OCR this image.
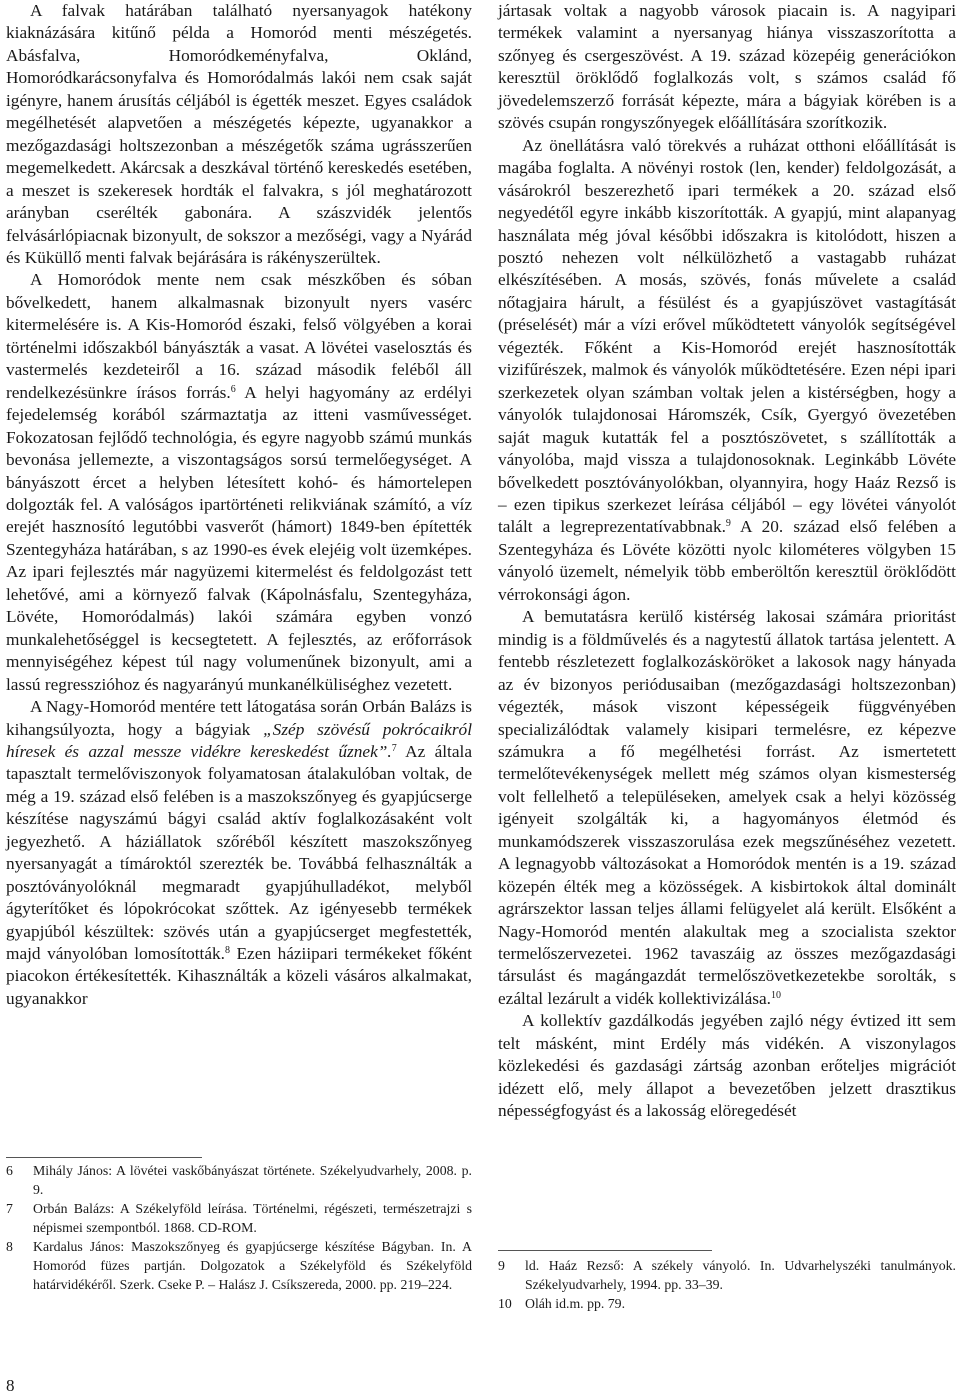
A falvak határában található nyersanyagok hatékony kiaknázására kitűnő példa a Homoród menti mészégetés. Abásfalva, Homoródkeményfalva, Oklánd, Homoródkarácsonyfalva és Homoródalmás lakói nem csak saját igényre, hanem árusítás céljából is égették meszet. Egyes családok megélhetését alapvetően a mészégetés képezte, ugyanakkor a mezőgazdasági holtszezonban a mészégetők száma ugrásszerűen megemelkedett. Akárcsak a deszkával történő kereskedés esetében, a meszet is szekeresek hordták el falvakra, s jól meghatározott arányban cserélték gabonára. A szászvidék jelentős felvásárlópiacnak bizonyult, de sokszor a mezőségi, vagy a Nyárád és Küküllő menti falvak bejárására is rákényszerültek.

A Homoródok mente nem csak mészkőben és sóban bővelkedett, hanem alkalmasnak bizonyult nyers vasérc kitermelésére is. A Kis-Homoród északi, felső völgyében a korai történelmi időszakból bányászták a vasat. A lövétei vaselosztás és vastermelés kezdeteiről a 16. század második feléből áll rendelkezésünkre írásos forrás.$^6$ A helyi hagyomány az erdélyi fejedelemség korából származtatja az itteni vasművességet. Fokozatosan fejlődő technológia, és egyre nagyobb számú munkás bevonása jellemezte, a viszontagságos sorsú termelőegységet. A bányászott ércet a helyben létesített kohó- és hámortelepen dolgozták fel. A valóságos ipartörténeti relikviának számító, a víz erejét hasznosító legutóbbi vasverőt (hámort) 1849-ben építették Szentegyháza határában, s az 1990-es évek elejéig volt üzemképes. Az ipari fejlesztés már nagyüzemi kitermelést és feldolgozást tett lehetővé, ami a környező falvak (Kápolnásfalu, Szentegyháza, Lövéte, Homoródalmás) lakói számára egyben vonzó munkalehetőséggel is kecsegtetett. A fejlesztés, az erőforrások mennyiségéhez képest túl nagy volumenűnek bizonyult, ami a lassú regresszióhoz és nagyarányú munkanélküliséghez vezetett.

A Nagy-Homoród mentére tett látogatása során Orbán Balázs is kihangsúlyozta, hogy a bágyiak „Szép szövésű pokrócaikról híresek és azzal messze vidékre kereskedést űznek”.$^7$ Az általa tapasztalt termelőviszonyok folyamatosan átalakulóban voltak, de még a 19. század első felében is a maszokszőnyeg és gyapjúcserge készítése nagyszámú bágyi család aktív foglalkozásaként volt jegyezhető. A háziállatok szőréből készített maszokszőnyeg nyersanyagát a tímároktól szerezték be. Továbbá felhasználták a posztóványolóknál megmaradt gyapjúhulladékot, melyből ágyterítőket és lópokrócokat szőttek. Az igényesebb termékek gyapjúból készültek: szövés után a gyapjúcserget megfestették, majd ványolóban lomosították.$^8$ Ezen háziipari termékeket főként piacokon értékesítették. Kihasználták a közeli vásáros alkalmakat, ugyanakkor

6 Mihály János: A lövétei vaskőbányászat története. Székelyudvarhely, 2008. p. 9.
7 Orbán Balázs: A Székelyföld leírása. Történelmi, régészeti, természetrajzi s népismei szempontból. 1868. CD-ROM.
8 Kardalus János: Maszokszőnyeg és gyapjúcserge készítése Bágyban. In. A Homoród füzes partján. Dolgozatok a Székelyföld és Székelyföld határvidékéről. Szerk. Cseke P. – Halász J. Csíkszereda, 2000. pp. 219–224.

jártasak voltak a nagyobb városok piacain is. A nagyipari termékek valamint a nyersanyag hiánya visszaszorította a szőnyeg és csergeszövést. A 19. század közepéig generációkon keresztül öröklődő foglalkozás volt, s számos család fő jövedelemszerző forrását képezte, mára a bágyiak körében is a szövés csupán rongyszőnyegek előállítására szorítkozik.

Az önellátásra való törekvés a ruházat otthoni előállítását is magába foglalta. A növényi rostok (len, kender) feldolgozását, a vásárokról beszerezhető ipari termékek a 20. század első negyedétől egyre inkább kiszorították. A gyapjú, mint alapanyag használata még jóval későbbi időszakra is kitolódott, hiszen a posztó nehezen volt nélkülözhető a vastagabb ruházat elkészítésében. A mosás, szövés, fonás művelete a család nőtagjaira hárult, a fésülést és a gyapjúszövet vastagítását (préselését) már a vízi erővel működtetett ványolók segítségével végezték. Főként a Kis-Homoród erejét hasznosították vizifűrészek, malmok és ványolók működtetésére. Ezen népi ipari szerkezetek olyan számban voltak jelen a kistérségben, hogy a ványolók tulajdonosai Háromszék, Csík, Gyergyó övezetében saját maguk kutatták fel a posztószövetet, s szállították a ványolóba, majd vissza a tulajdonosoknak. Leginkább Lövéte bővelkedett posztóványolókban, olyannyira, hogy Haáz Rezső is – ezen tipikus szerkezet leírása céljából – egy lövétei ványolót talált a legreprezentatívabbnak.$^9$ A 20. század első felében a Szentegyháza és Lövéte közötti nyolc kilométeres völgyben 15 ványoló üzemelt, némelyik több emberöltőn keresztül öröklődött vérrokonsági ágon.

A bemutatásra kerülő kistérség lakosai számára prioritást mindig is a földművelés és a nagytestű állatok tartása jelentett. A fentebb részletezett foglalkozásköröket a lakosok nagy hányada az év bizonyos periódusaiban (mezőgazdasági holtszezonban) végezték, mások viszont képességeik függvényében specializálódtak valamely kisipari termelésre, ez képezve számukra a fő megélhetési forrást. Az ismertetett termelőtevékenységek mellett még számos olyan kismesterség volt fellelhető a településeken, amelyek csak a helyi közösség igényeit szolgálták ki, a hagyományos életmód és munkamódszerek visszaszorulása ezek megszűnéséhez vezetett. A legnagyobb változásokat a Homoródok mentén is a 19. század közepén élték meg a közösségek. A kisbirtokok által dominált agrárszektor lassan teljes állami felügyelet alá került. Elsőként a Nagy-Homoród mentén alakultak meg a szocialista szektor termelőszervezetei. 1962 tavaszáig az összes mezőgazdasági társulást és magángazdát termelőszövetkezetekbe sorolták, s ezáltal lezárult a vidék kollektivizálása.$^{10}$

A kollektív gazdálkodás jegyében zajló négy évtized itt sem telt másként, mint Erdély más vidékén. A viszonylagos közlekedési és gazdasági zártság azonban erőteljes migrációt idézett elő, mely állapot a bevezetőben jelzett drasztikus népességfogyást és a lakosság elöregedését

9 ld. Haáz Rezső: A székely ványoló. In. Udvarhelyszéki tanulmányok. Székelyudvarhely, 1994. pp. 33–39.
10 Oláh id.m. pp. 79.
8
